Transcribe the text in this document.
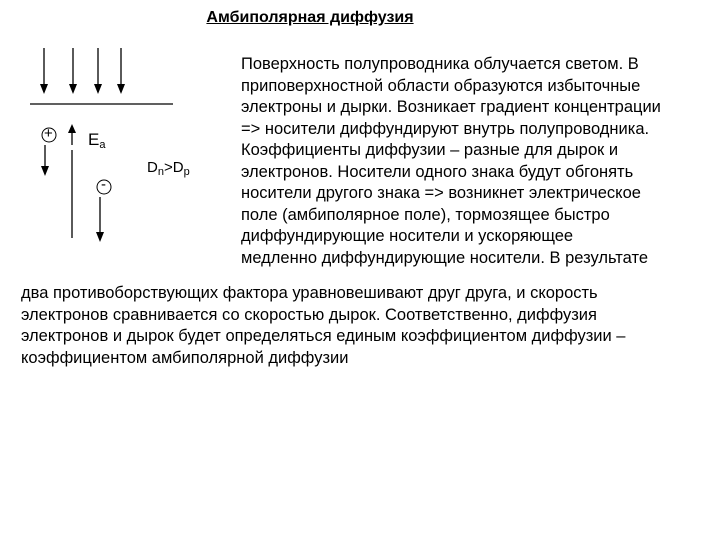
Амбиполярная диффузия
+
-
$E_a$
$D_n>D_p$
Поверхность полупроводника облучается светом. В
приповерхностной области образуются избыточные
электроны и дырки. Возникает градиент концентрации
=> носители диффундируют внутрь полупроводника.
Коэффициенты диффузии – разные для дырок и
электронов. Носители одного знака будут обгонять
носители другого знака => возникнет электрическое
поле (амбиполярное поле), тормозящее быстро
диффундирующие носители и ускоряющее
медленно диффундирующие носители. В результате
два противоборствующих фактора уравновешивают друг друга, и скорость
электронов сравнивается со скоростью дырок. Соответственно, диффузия
электронов и дырок будет определяться единым коэффициентом диффузии –
коэффициентом амбиполярной диффузии
